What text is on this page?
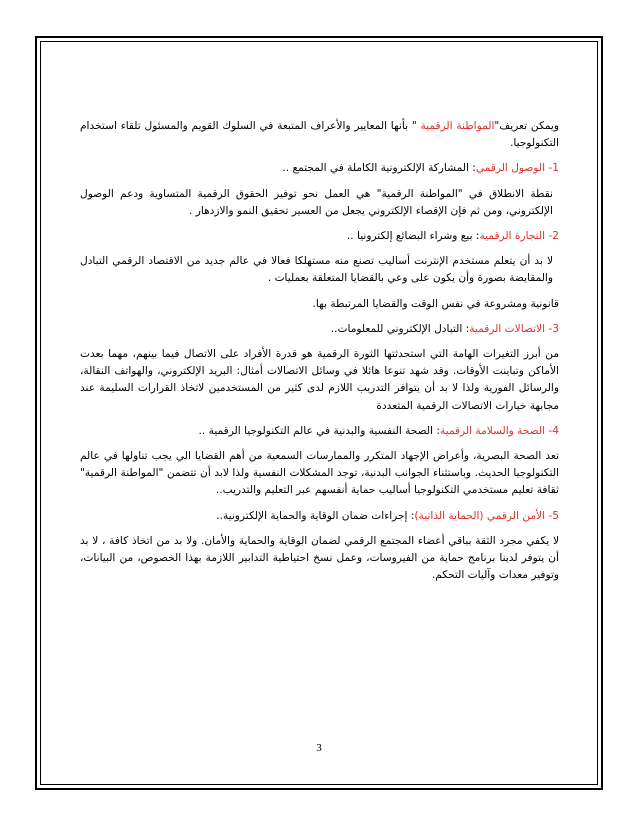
ويمكن تعريف"المواطنة الرقمية " بأنها المعايير والأعراف المتبعة في السلوك القويم والمسئول تلقاء استخدام التكنولوجيا.

1- الوصول الرقمي: المشاركة الإلكترونية الكاملة في المجتمع ..

نقطة الانطلاق في "المواطنة الرقمية" هي العمل نحو توفير الحقوق الرقمية المتساوية ودعم الوصول الإلكتروني، ومن ثم فإن الإقصاء الإلكتروني يجعل من العسير تحقيق النمو والازدهار .

2- التجارة الرقمية: بيع وشراء البضائع إلكترونيا ..

لا بد أن يتعلم مستخدم الإنترنت أساليب تصنع منه مستهلكا فعالا في عالم جديد من الاقتصاد الرقمي التبادل والمقايضة بصورة وأن يكون على وعي بالقضايا المتعلقة بعمليات .

قانونية ومشروعة في نفس الوقت والقضايا المرتبطة بها.

3- الاتصالات الرقمية: التبادل الإلكتروني للمعلومات..

من أبرز التغيرات الهامة التي استحدثتها الثورة الرقمية هو قدرة الأفراد على الاتصال فيما بينهم، مهما بعدت الأماكن وتباينت الأوقات. وقد شهد تنوعا هائلا في وسائل الاتصالات أمثال: البريد الإلكتروني، والهواتف النقالة، والرسائل الفورية ولذا لا بد أن يتوافر التدريب اللازم لدى كثير من المستخدمين لاتخاذ القرارات السليمة عند مجابهة خيارات الاتصالات الرقمية المتعددة

4- الصحة والسلامة الرقمية: الصحة النفسية والبدنية في عالم التكنولوجيا الرقمية ..

تعد الصحة البصرية، وأعراض الإجهاد المتكرر والممارسات السمعية من أهم القضايا الي يجب تناولها في عالم التكنولوجيا الحديث. وباستثناء الجوانب البدنية، توجد المشكلات النفسية ولذا لابد أن تتضمن "المواطنة الرقمية" ثقافة تعليم مستخدمي التكنولوجيا أساليب حماية أنفسهم عبر التعليم والتدريب..

5- الأمن الرقمي (الحماية الذاتية): إجراءات ضمان الوقاية والحماية الإلكترونية..

لا يكفي مجرد الثقة بباقي أعضاء المجتمع الرقمي لضمان الوقاية والحماية والأمان. ولا بد من اتخاذ كافة ، لا بد أن يتوفر لدينا برنامج حماية من الفيروسات، وعمل نسخ احتياطية التدابير اللازمة بهذا الخصوص، من البيانات، وتوفير معدات وآليات التحكم.

3
